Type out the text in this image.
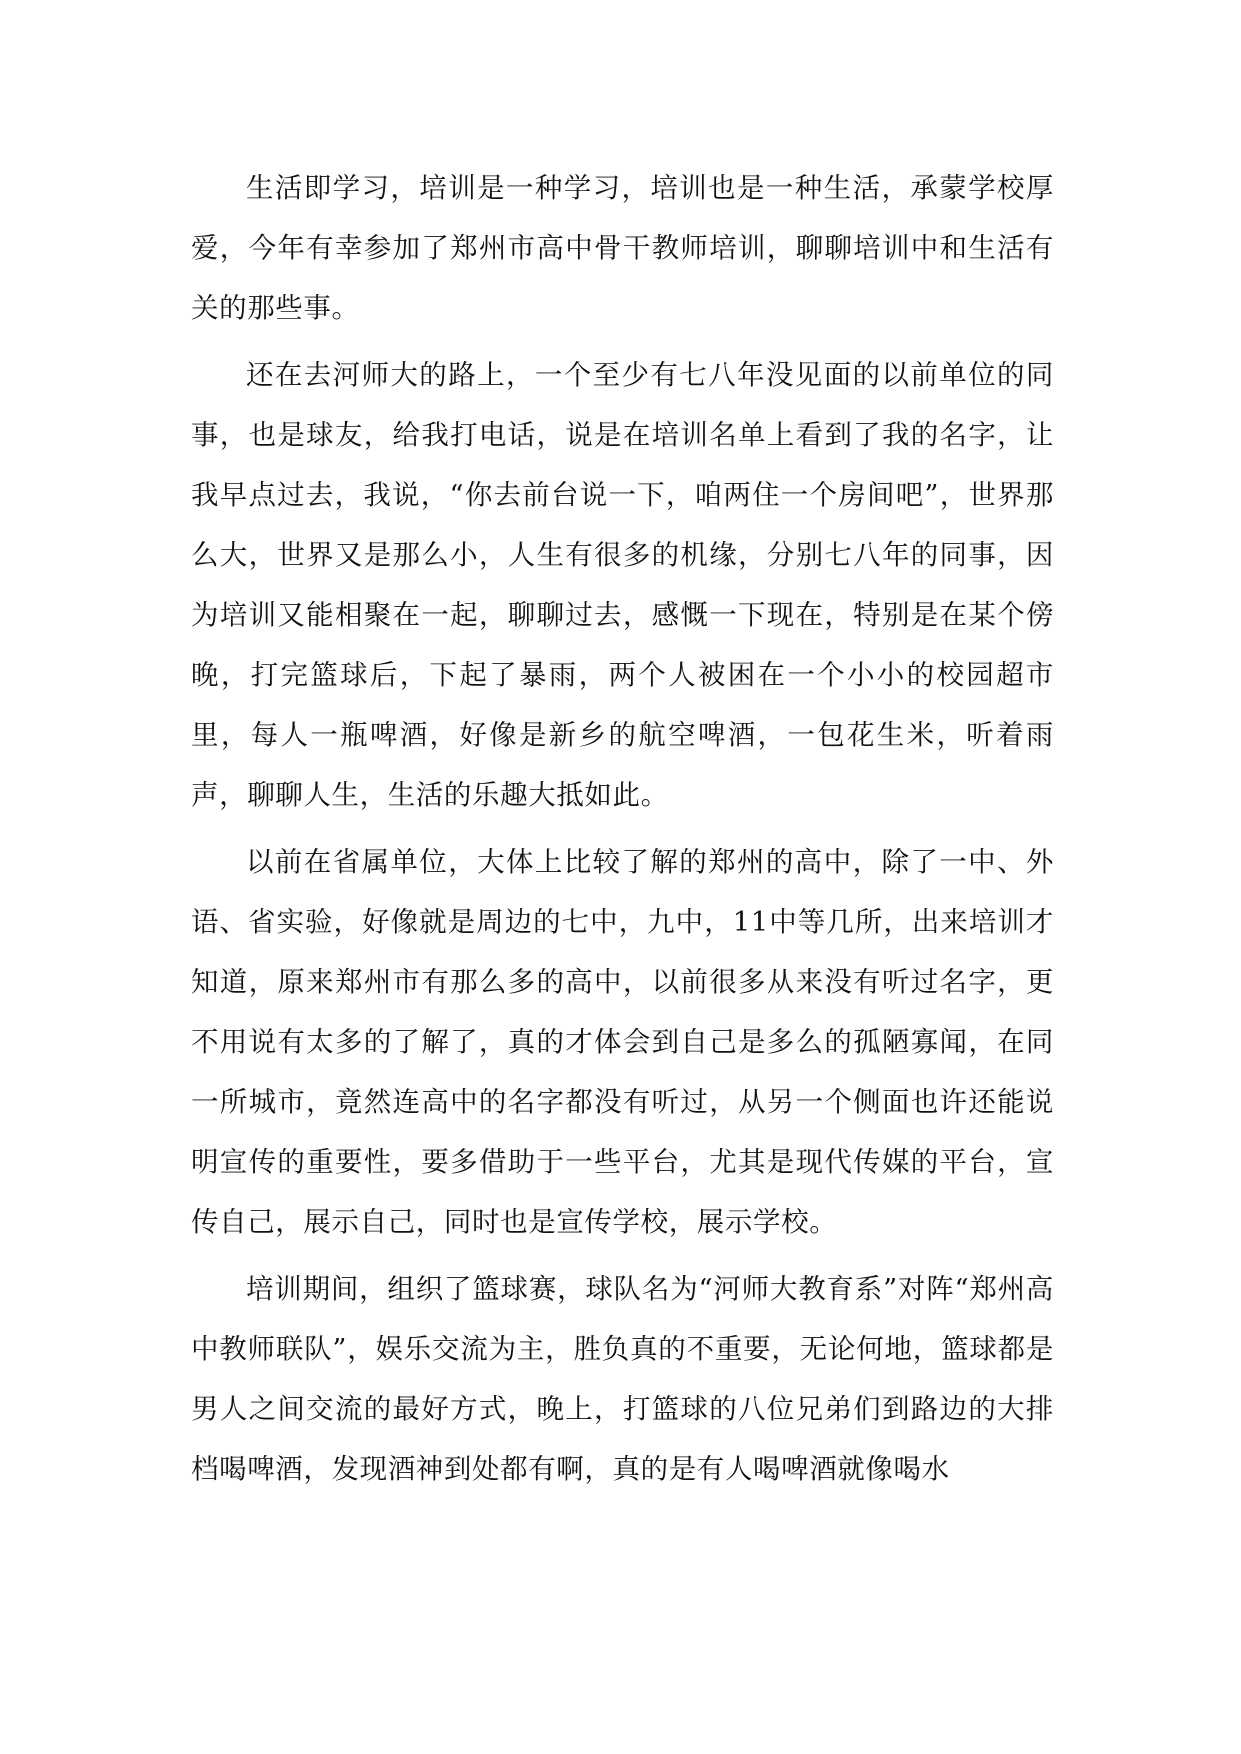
生活即学习，培训是一种学习，培训也是一种生活，承蒙学校厚爱，今年有幸参加了郑州市高中骨干教师培训，聊聊培训中和生活有关的那些事。

还在去河师大的路上，一个至少有七八年没见面的以前单位的同事，也是球友，给我打电话，说是在培训名单上看到了我的名字，让我早点过去，我说，“你去前台说一下，咱两住一个房间吧”，世界那么大，世界又是那么小，人生有很多的机缘，分别七八年的同事，因为培训又能相聚在一起，聊聊过去，感慨一下现在，特别是在某个傍晚，打完篮球后，下起了暴雨，两个人被困在一个小小的校园超市里，每人一瓶啤酒，好像是新乡的航空啤酒，一包花生米，听着雨声，聊聊人生，生活的乐趣大抵如此。

以前在省属单位，大体上比较了解的郑州的高中，除了一中、外语、省实验，好像就是周边的七中，九中，11中等几所，出来培训才知道，原来郑州市有那么多的高中，以前很多从来没有听过名字，更不用说有太多的了解了，真的才体会到自己是多么的孤陋寡闻，在同一所城市，竟然连高中的名字都没有听过，从另一个侧面也许还能说明宣传的重要性，要多借助于一些平台，尤其是现代传媒的平台，宣传自己，展示自己，同时也是宣传学校，展示学校。

培训期间，组织了篮球赛，球队名为“河师大教育系”对阵“郑州高中教师联队”，娱乐交流为主，胜负真的不重要，无论何地，篮球都是男人之间交流的最好方式，晚上，打篮球的八位兄弟们到路边的大排档喝啤酒，发现酒神到处都有啊，真的是有人喝啤酒就像喝水
